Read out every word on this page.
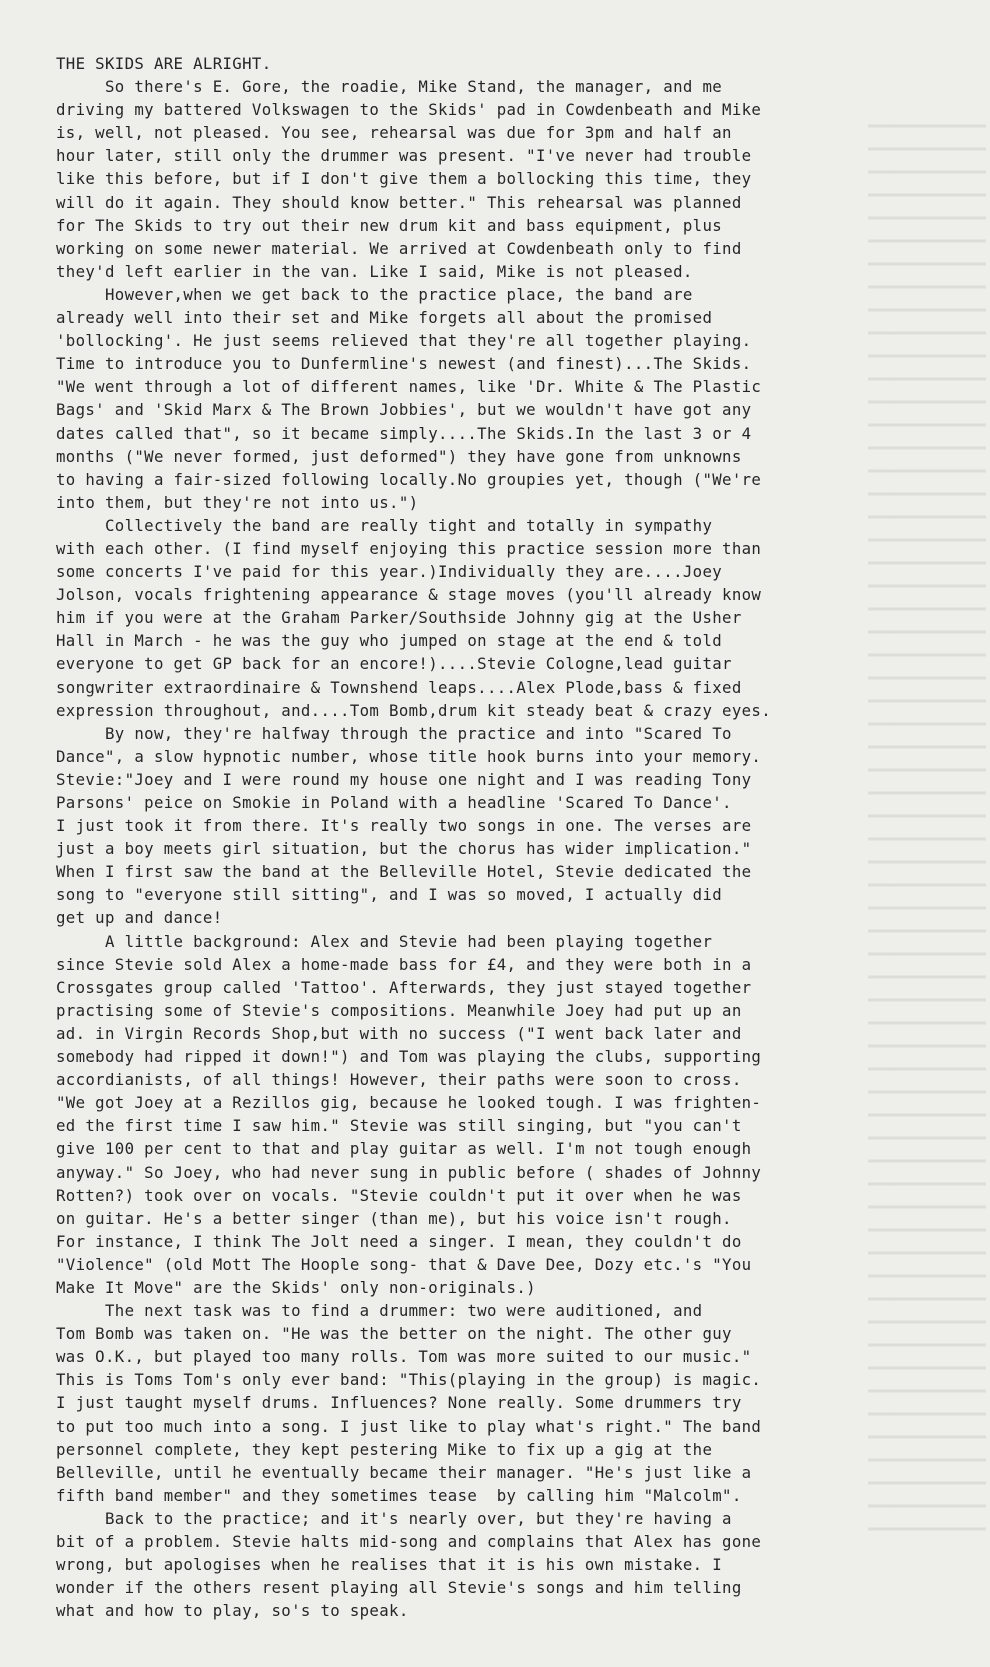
THE SKIDS ARE ALRIGHT.
So there's E. Gore, the roadie, Mike Stand, the manager, and me
driving my battered Volkswagen to the Skids' pad in Cowdenbeath and Mike
is, well, not pleased. You see, rehearsal was due for 3pm and half an
hour later, still only the drummer was present. "I've never had trouble
like this before, but if I don't give them a bollocking this time, they
will do it again. They should know better." This rehearsal was planned
for The Skids to try out their new drum kit and bass equipment, plus
working on some newer material. We arrived at Cowdenbeath only to find
they'd left earlier in the van. Like I said, Mike is not pleased.
However,when we get back to the practice place, the band are
already well into their set and Mike forgets all about the promised
'bollocking'. He just seems relieved that they're all together playing.
Time to introduce you to Dunfermline's newest (and finest)...The Skids.
"We went through a lot of different names, like 'Dr. White & The Plastic
Bags' and 'Skid Marx & The Brown Jobbies', but we wouldn't have got any
dates called that", so it became simply....The Skids.In the last 3 or 4
months ("We never formed, just deformed") they have gone from unknowns
to having a fair-sized following locally.No groupies yet, though ("We're
into them, but they're not into us.")
Collectively the band are really tight and totally in sympathy
with each other. (I find myself enjoying this practice session more than
some concerts I've paid for this year.)Individually they are....Joey
Jolson, vocals frightening appearance & stage moves (you'll already know
him if you were at the Graham Parker/Southside Johnny gig at the Usher
Hall in March - he was the guy who jumped on stage at the end & told
everyone to get GP back for an encore!)....Stevie Cologne,lead guitar
songwriter extraordinaire & Townshend leaps....Alex Plode,bass & fixed
expression throughout, and....Tom Bomb,drum kit steady beat & crazy eyes.
By now, they're halfway through the practice and into "Scared To
Dance", a slow hypnotic number, whose title hook burns into your memory.
Stevie:"Joey and I were round my house one night and I was reading Tony
Parsons' peice on Smokie in Poland with a headline 'Scared To Dance'.
I just took it from there. It's really two songs in one. The verses are
just a boy meets girl situation, but the chorus has wider implication."
When I first saw the band at the Belleville Hotel, Stevie dedicated the
song to "everyone still sitting", and I was so moved, I actually did
get up and dance!
A little background: Alex and Stevie had been playing together
since Stevie sold Alex a home-made bass for £4, and they were both in a
Crossgates group called 'Tattoo'. Afterwards, they just stayed together
practising some of Stevie's compositions. Meanwhile Joey had put up an
ad. in Virgin Records Shop,but with no success ("I went back later and
somebody had ripped it down!") and Tom was playing the clubs, supporting
accordianists, of all things! However, their paths were soon to cross.
"We got Joey at a Rezillos gig, because he looked tough. I was frighten-
ed the first time I saw him." Stevie was still singing, but "you can't
give 100 per cent to that and play guitar as well. I'm not tough enough
anyway." So Joey, who had never sung in public before ( shades of Johnny
Rotten?) took over on vocals. "Stevie couldn't put it over when he was
on guitar. He's a better singer (than me), but his voice isn't rough.
For instance, I think The Jolt need a singer. I mean, they couldn't do
"Violence" (old Mott The Hoople song- that & Dave Dee, Dozy etc.'s "You
Make It Move" are the Skids' only non-originals.)
The next task was to find a drummer: two were auditioned, and
Tom Bomb was taken on. "He was the better on the night. The other guy
was O.K., but played too many rolls. Tom was more suited to our music."
This is Toms Tom's only ever band: "This(playing in the group) is magic.
I just taught myself drums. Influences? None really. Some drummers try
to put too much into a song. I just like to play what's right." The band
personnel complete, they kept pestering Mike to fix up a gig at the
Belleville, until he eventually became their manager. "He's just like a
fifth band member" and they sometimes tease  by calling him "Malcolm".
Back to the practice; and it's nearly over, but they're having a
bit of a problem. Stevie halts mid-song and complains that Alex has gone
wrong, but apologises when he realises that it is his own mistake. I
wonder if the others resent playing all Stevie's songs and him telling
what and how to play, so's to speak.
